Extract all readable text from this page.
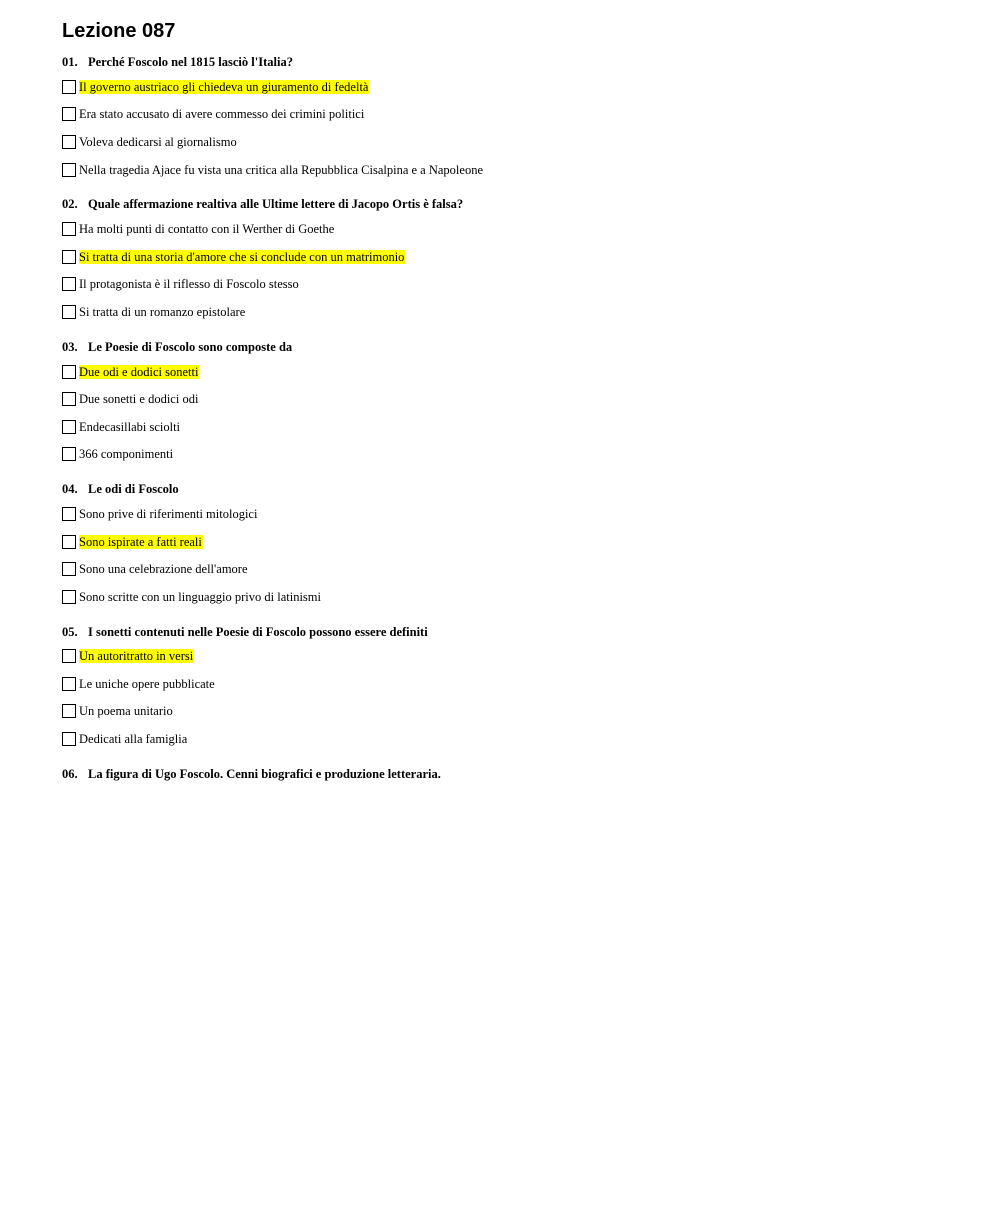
Lezione 087
01. Perché Foscolo nel 1815 lasciò l'Italia?
Il governo austriaco gli chiedeva un giuramento di fedeltà
Era stato accusato di avere commesso dei crimini politici
Voleva dedicarsi al giornalismo
Nella tragedia Ajace fu vista una critica alla Repubblica Cisalpina e a Napoleone
02. Quale affermazione realtiva alle Ultime lettere di Jacopo Ortis è falsa?
Ha molti punti di contatto con il Werther di Goethe
Si tratta di una storia d'amore che si conclude con un matrimonio
Il protagonista è il riflesso di Foscolo stesso
Si tratta di un romanzo epistolare
03. Le Poesie di Foscolo sono composte da
Due odi e dodici sonetti
Due sonetti e dodici odi
Endecasillabi sciolti
366 componimenti
04. Le odi di Foscolo
Sono prive di riferimenti mitologici
Sono ispirate a fatti reali
Sono una celebrazione dell'amore
Sono scritte con un linguaggio privo di latinismi
05. I sonetti contenuti nelle Poesie di Foscolo possono essere definiti
Un autoritratto in versi
Le uniche opere pubblicate
Un poema unitario
Dedicati alla famiglia
06. La figura di Ugo Foscolo. Cenni biografici e produzione letteraria.
